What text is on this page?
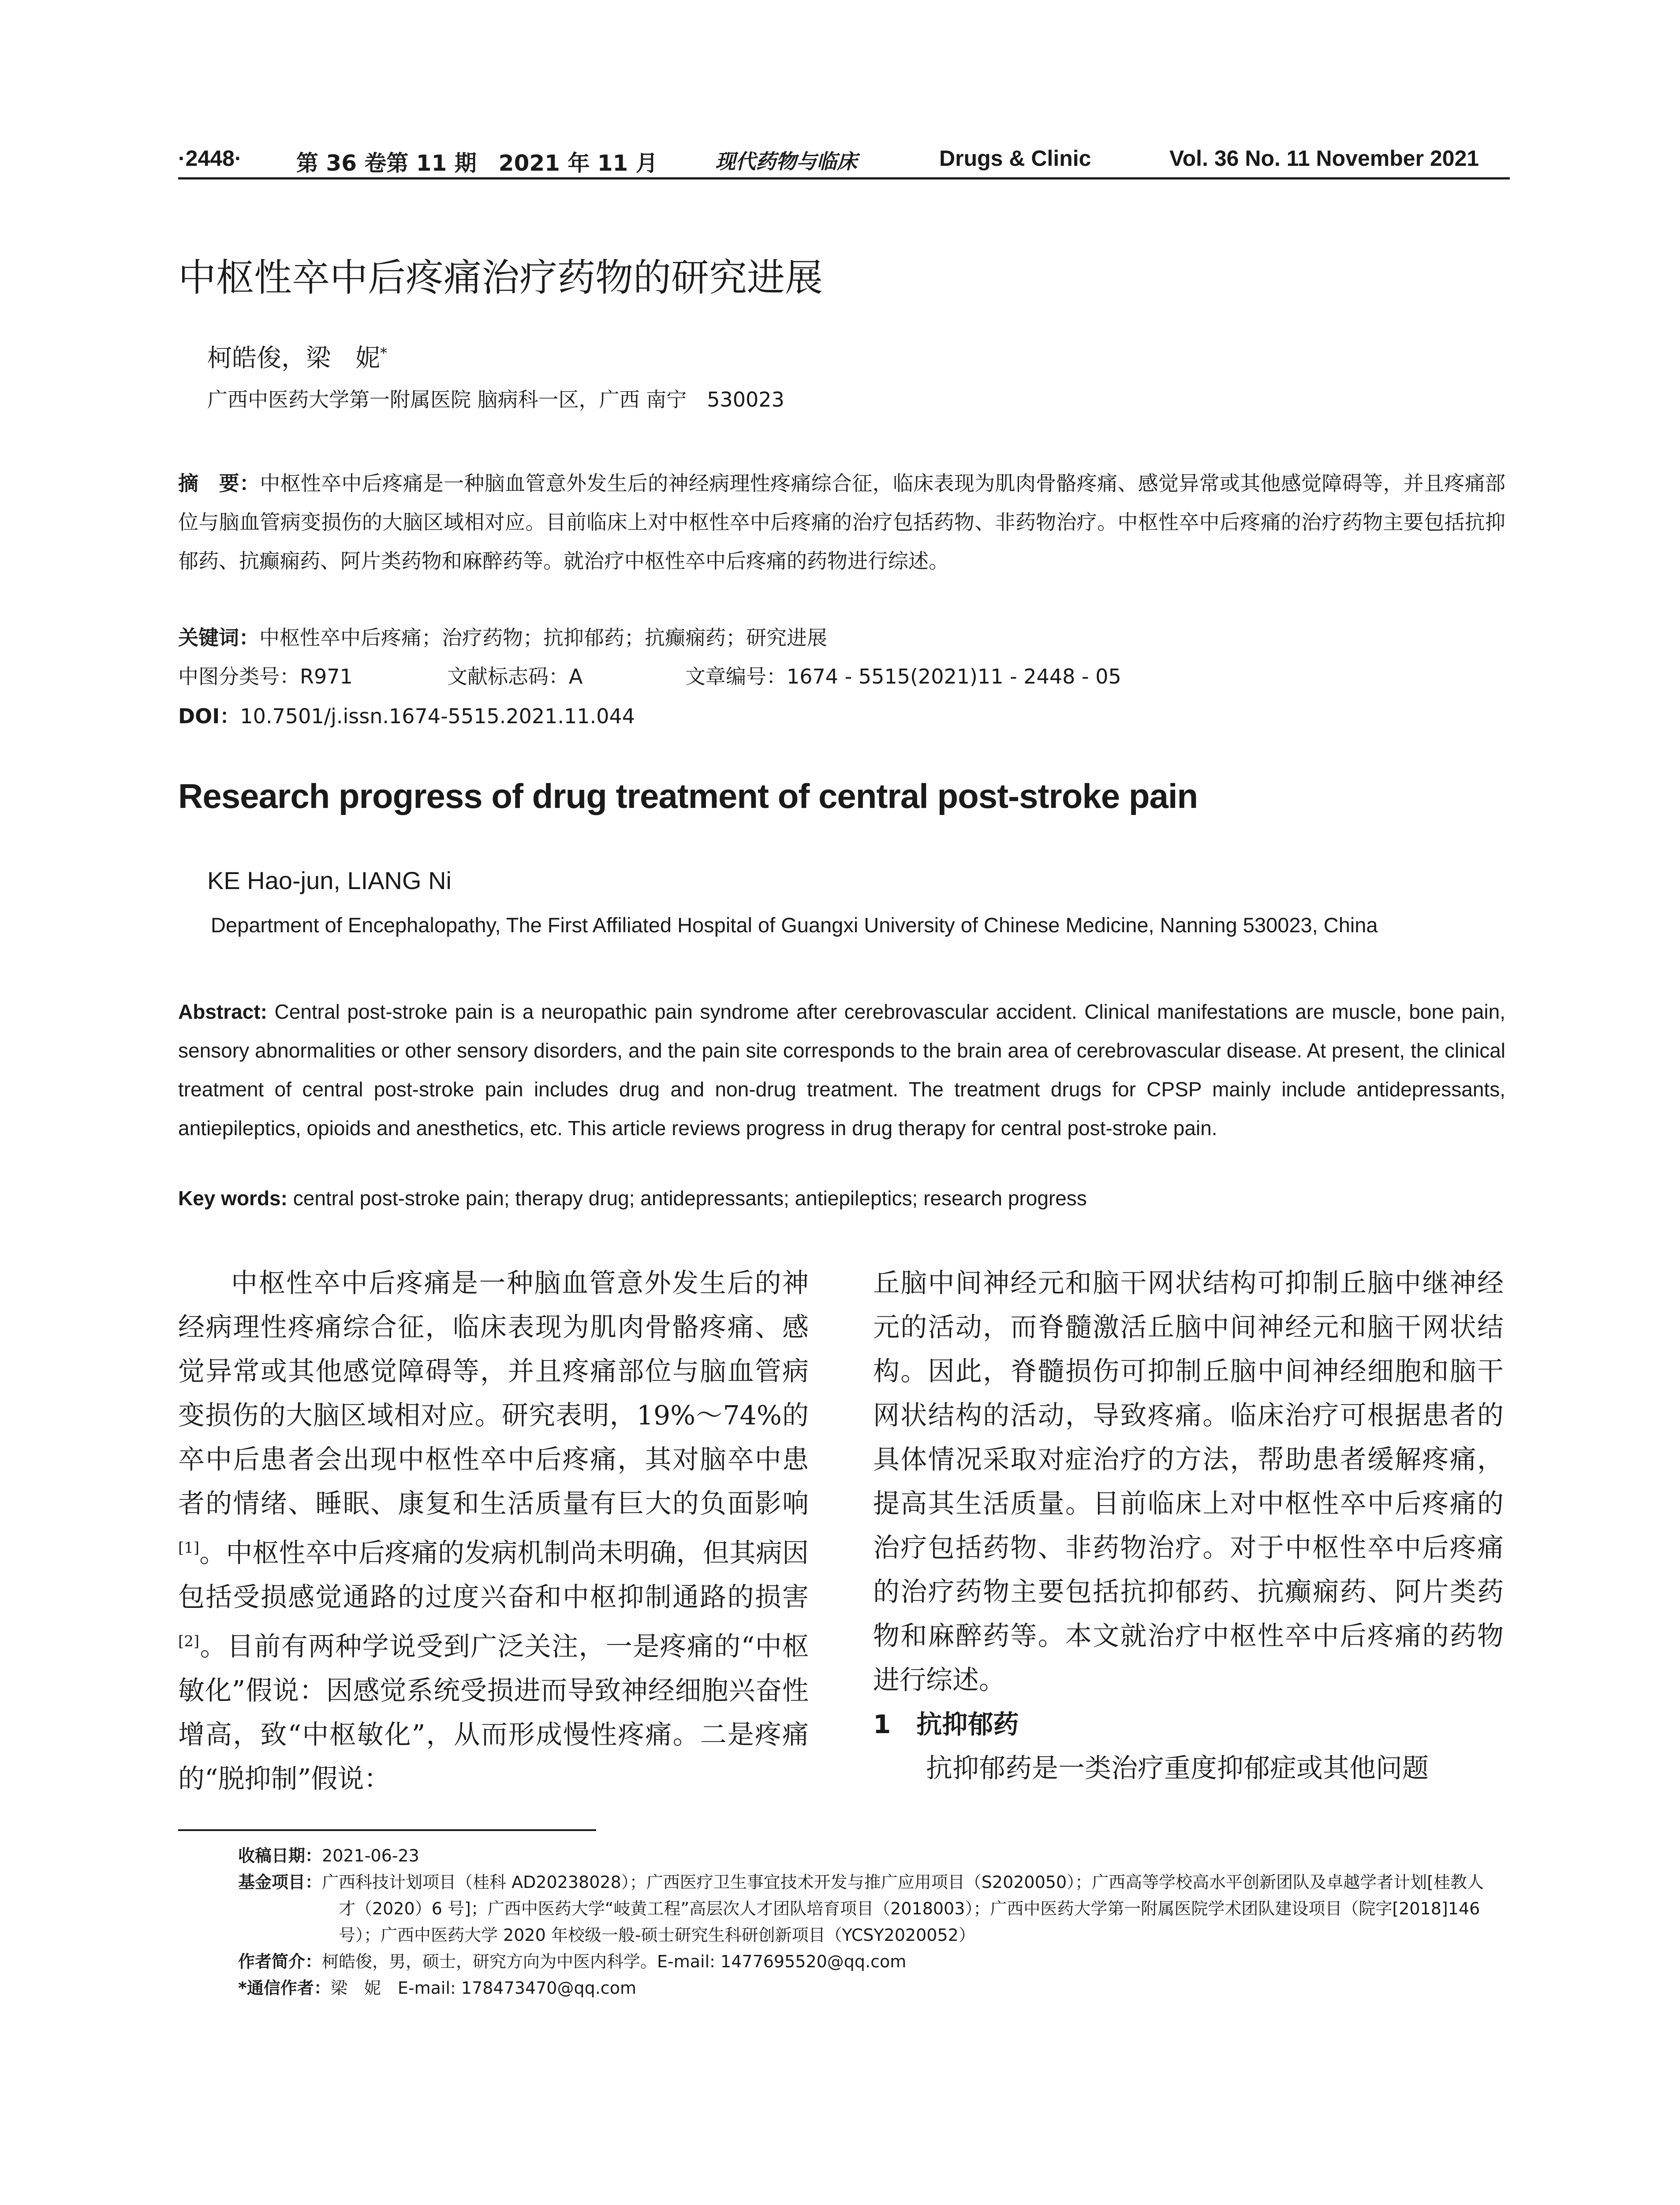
·2448· 第 36 卷第 11 期　2021 年 11 月	现代药物与临床	Drugs & Clinic	Vol. 36 No. 11 November 2021
中枢性卒中后疼痛治疗药物的研究进展
柯皓俊，梁　妮*
广西中医药大学第一附属医院 脑病科一区，广西 南宁　530023
摘　要：中枢性卒中后疼痛是一种脑血管意外发生后的神经病理性疼痛综合征，临床表现为肌肉骨骼疼痛、感觉异常或其他感觉障碍等，并且疼痛部位与脑血管病变损伤的大脑区域相对应。目前临床上对中枢性卒中后疼痛的治疗包括药物、非药物治疗。中枢性卒中后疼痛的治疗药物主要包括抗抑郁药、抗癫痫药、阿片类药物和麻醉药等。就治疗中枢性卒中后疼痛的药物进行综述。
关键词：中枢性卒中后疼痛；治疗药物；抗抑郁药；抗癫痫药；研究进展
中图分类号：R971	文献标志码：A	文章编号：1674 - 5515(2021)11 - 2448 - 05
DOI：10.7501/j.issn.1674-5515.2021.11.044
Research progress of drug treatment of central post-stroke pain
KE Hao-jun, LIANG Ni
Department of Encephalopathy, The First Affiliated Hospital of Guangxi University of Chinese Medicine, Nanning 530023, China
Abstract: Central post-stroke pain is a neuropathic pain syndrome after cerebrovascular accident. Clinical manifestations are muscle, bone pain, sensory abnormalities or other sensory disorders, and the pain site corresponds to the brain area of cerebrovascular disease. At present, the clinical treatment of central post-stroke pain includes drug and non-drug treatment. The treatment drugs for CPSP mainly include antidepressants, antiepileptics, opioids and anesthetics, etc. This article reviews progress in drug therapy for central post-stroke pain.
Key words: central post-stroke pain; therapy drug; antidepressants; antiepileptics; research progress

中枢性卒中后疼痛是一种脑血管意外发生后的神经病理性疼痛综合征，临床表现为肌肉骨骼疼痛、感觉异常或其他感觉障碍等，并且疼痛部位与脑血管病变损伤的大脑区域相对应。研究表明，19%～74%的卒中后患者会出现中枢性卒中后疼痛，其对脑卒中患者的情绪、睡眠、康复和生活质量有巨大的负面影响[1]。中枢性卒中后疼痛的发病机制尚未明确，但其病因包括受损感觉通路的过度兴奋和中枢抑制通路的损害[2]。目前有两种学说受到广泛关注，一是疼痛的“中枢敏化”假说：因感觉系统受损进而导致神经细胞兴奋性增高，致“中枢敏化”，从而形成慢性疼痛。二是疼痛的“脱抑制”假说：

丘脑中间神经元和脑干网状结构可抑制丘脑中继神经元的活动，而脊髓激活丘脑中间神经元和脑干网状结构。因此，脊髓损伤可抑制丘脑中间神经细胞和脑干网状结构的活动，导致疼痛。临床治疗可根据患者的具体情况采取对症治疗的方法，帮助患者缓解疼痛，提高其生活质量。目前临床上对中枢性卒中后疼痛的治疗包括药物、非药物治疗。对于中枢性卒中后疼痛的治疗药物主要包括抗抑郁药、抗癫痫药、阿片类药物和麻醉药等。本文就治疗中枢性卒中后疼痛的药物进行综述。

1　抗抑郁药

抗抑郁药是一类治疗重度抑郁症或其他问题

收稿日期：2021-06-23
基金项目：广西科技计划项目（桂科 AD20238028）；广西医疗卫生事宜技术开发与推广应用项目（S2020050）；广西高等学校高水平创新团队及卓越学者计划[桂教人才（2020）6 号]；广西中医药大学“岐黄工程”高层次人才团队培育项目（2018003）；广西中医药大学第一附属医院学术团队建设项目（院字[2018]146 号）；广西中医药大学 2020 年校级一般-硕士研究生科研创新项目（YCSY2020052）
作者简介：柯皓俊，男，硕士，研究方向为中医内科学。E-mail: 1477695520@qq.com
*通信作者：梁　妮　E-mail: 178473470@qq.com
